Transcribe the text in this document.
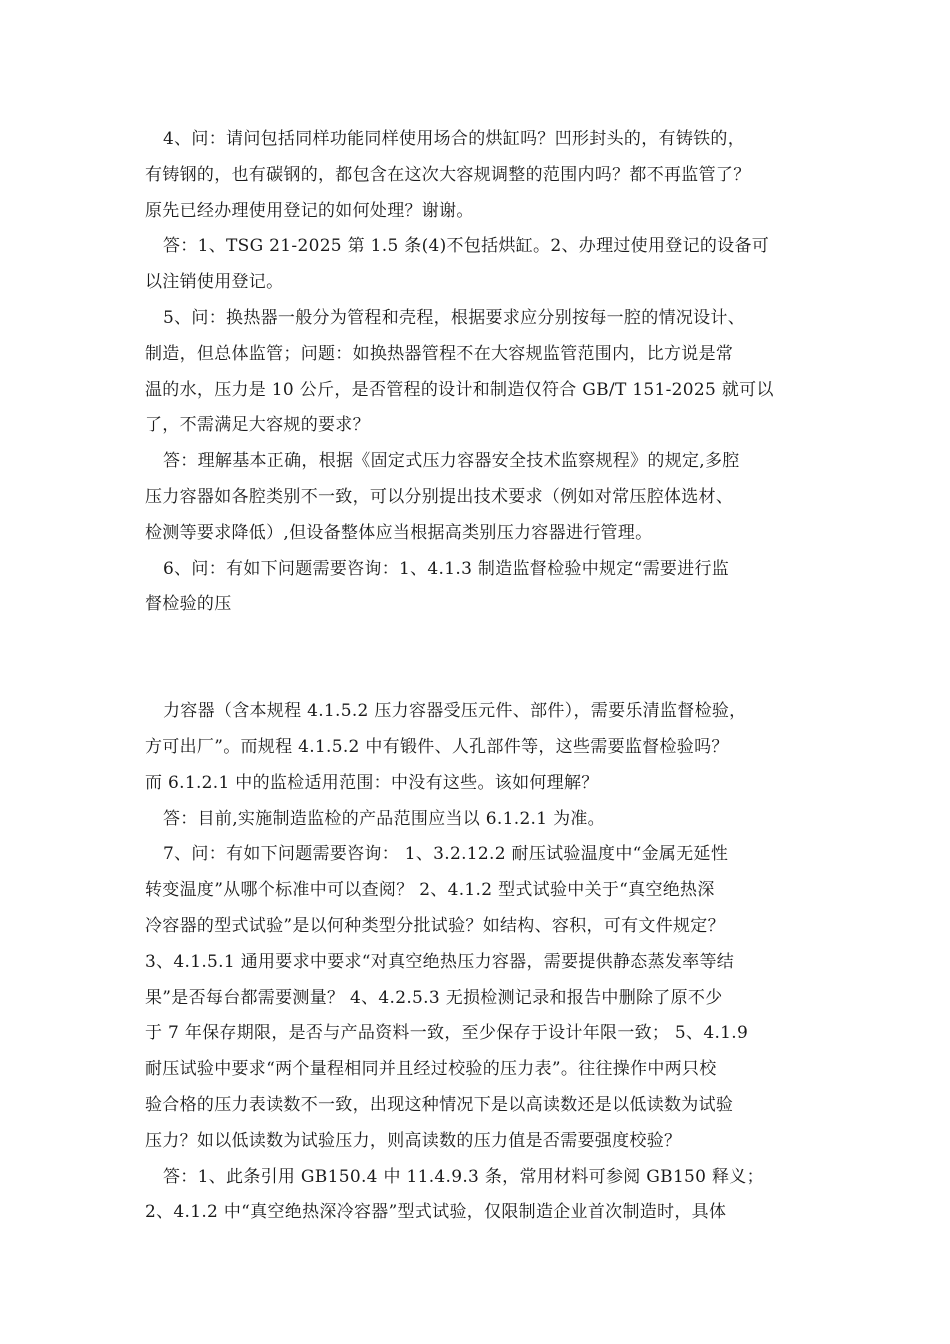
4、问：请问包括同样功能同样使用场合的烘缸吗？凹形封头的，有铸铁的，
有铸钢的，也有碳钢的，都包含在这次大容规调整的范围内吗？都不再监管了？
原先已经办理使用登记的如何处理？谢谢。
答：1、TSG 21-2025 第 1.5 条(4)不包括烘缸。2、办理过使用登记的设备可
以注销使用登记。
5、问：换热器一般分为管程和壳程，根据要求应分别按每一腔的情况设计、
制造，但总体监管；问题：如换热器管程不在大容规监管范围内，比方说是常
温的水，压力是 10 公斤，是否管程的设计和制造仅符合 GB/T 151-2025 就可以
了，不需满足大容规的要求？
答：理解基本正确，根据《固定式压力容器安全技术监察规程》的规定,多腔
压力容器如各腔类别不一致，可以分别提出技术要求（例如对常压腔体选材、
检测等要求降低）,但设备整体应当根据高类别压力容器进行管理。
6、问：有如下问题需要咨询：1、4.1.3 制造监督检验中规定“需要进行监
督检验的压
力容器（含本规程 4.1.5.2 压力容器受压元件、部件），需要乐清监督检验，
方可出厂”。而规程 4.1.5.2 中有锻件、人孔部件等，这些需要监督检验吗？
而 6.1.2.1 中的监检适用范围：中没有这些。该如何理解？
答：目前,实施制造监检的产品范围应当以 6.1.2.1 为准。
7、问：有如下问题需要咨询： 1、3.2.12.2 耐压试验温度中“金属无延性
转变温度”从哪个标准中可以查阅？ 2、4.1.2 型式试验中关于“真空绝热深
冷容器的型式试验”是以何种类型分批试验？如结构、容积，可有文件规定？
3、4.1.5.1 通用要求中要求“对真空绝热压力容器，需要提供静态蒸发率等结
果”是否每台都需要测量？ 4、4.2.5.3 无损检测记录和报告中删除了原不少
于 7 年保存期限，是否与产品资料一致，至少保存于设计年限一致； 5、4.1.9
耐压试验中要求“两个量程相同并且经过校验的压力表”。往往操作中两只校
验合格的压力表读数不一致，出现这种情况下是以高读数还是以低读数为试验
压力？如以低读数为试验压力，则高读数的压力值是否需要强度校验？
答：1、此条引用 GB150.4 中 11.4.9.3 条，常用材料可参阅 GB150 释义；
2、4.1.2 中“真空绝热深冷容器”型式试验，仅限制造企业首次制造时，具体
